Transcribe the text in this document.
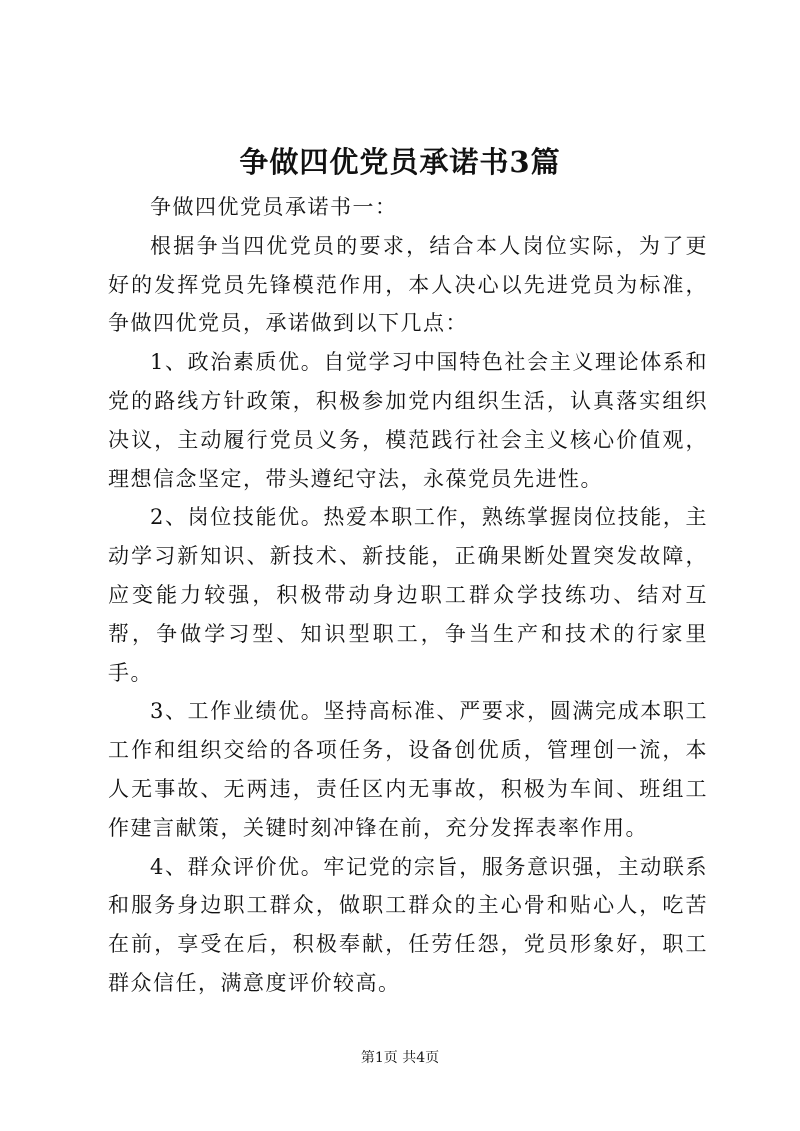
争做四优党员承诺书3篇

争做四优党员承诺书一：

根据争当四优党员的要求，结合本人岗位实际，为了更好的发挥党员先锋模范作用，本人决心以先进党员为标准，争做四优党员，承诺做到以下几点：

1、政治素质优。自觉学习中国特色社会主义理论体系和党的路线方针政策，积极参加党内组织生活，认真落实组织决议，主动履行党员义务，模范践行社会主义核心价值观，理想信念坚定，带头遵纪守法，永葆党员先进性。

2、岗位技能优。热爱本职工作，熟练掌握岗位技能，主动学习新知识、新技术、新技能，正确果断处置突发故障，应变能力较强，积极带动身边职工群众学技练功、结对互帮，争做学习型、知识型职工，争当生产和技术的行家里手。

3、工作业绩优。坚持高标准、严要求，圆满完成本职工工作和组织交给的各项任务，设备创优质，管理创一流，本人无事故、无两违，责任区内无事故，积极为车间、班组工作建言献策，关键时刻冲锋在前，充分发挥表率作用。

4、群众评价优。牢记党的宗旨，服务意识强，主动联系和服务身边职工群众，做职工群众的主心骨和贴心人，吃苦在前，享受在后，积极奉献，任劳任怨，党员形象好，职工群众信任，满意度评价较高。

第1页 共4页
